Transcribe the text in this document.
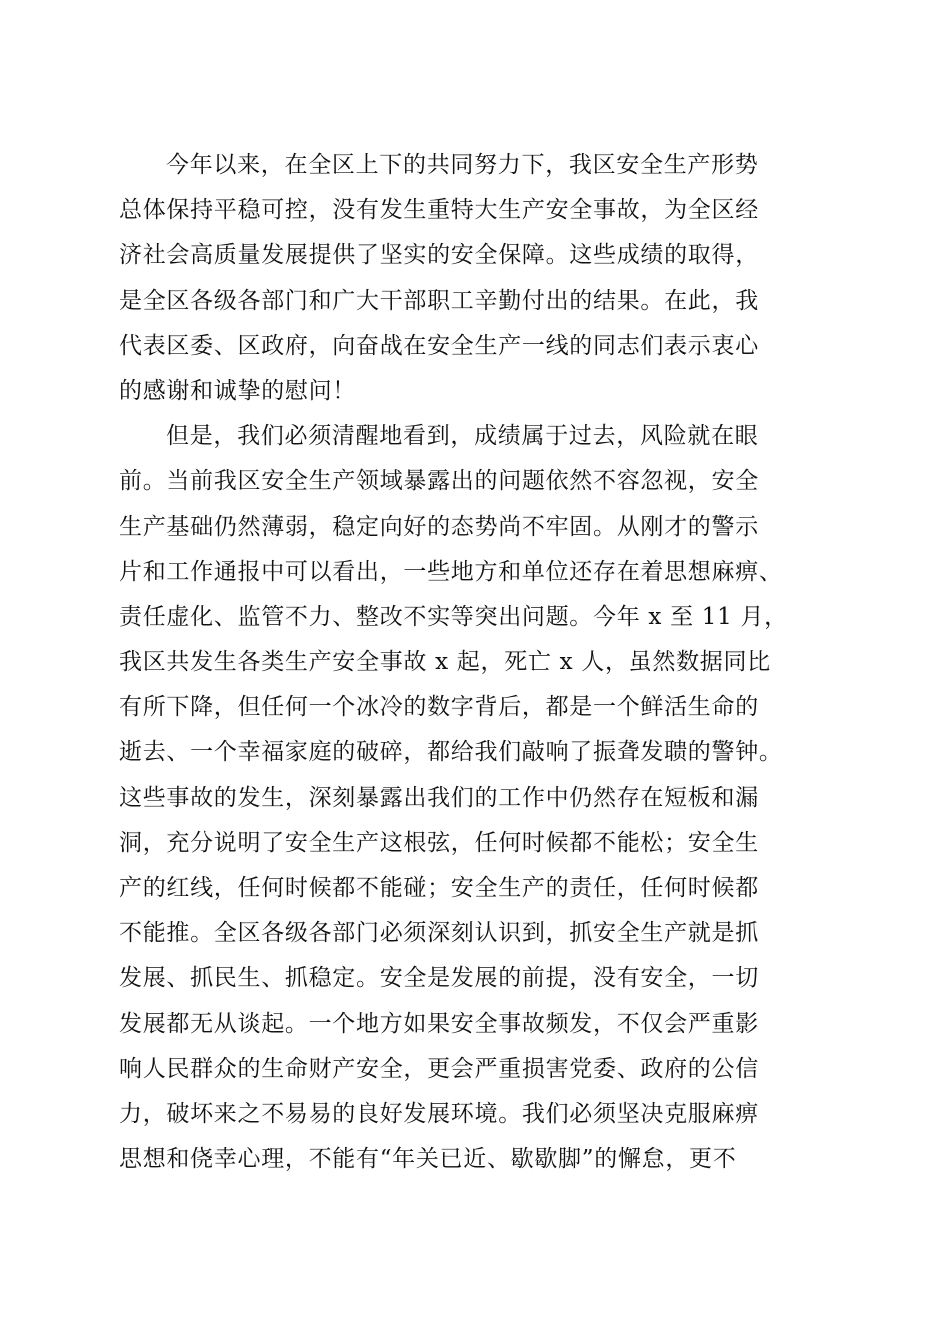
今年以来，在全区上下的共同努力下，我区安全生产形势
总体保持平稳可控，没有发生重特大生产安全事故，为全区经
济社会高质量发展提供了坚实的安全保障。这些成绩的取得，
是全区各级各部门和广大干部职工辛勤付出的结果。在此，我
代表区委、区政府，向奋战在安全生产一线的同志们表示衷心
的感谢和诚挚的慰问！
但是，我们必须清醒地看到，成绩属于过去，风险就在眼
前。当前我区安全生产领域暴露出的问题依然不容忽视，安全
生产基础仍然薄弱，稳定向好的态势尚不牢固。从刚才的警示
片和工作通报中可以看出，一些地方和单位还存在着思想麻痹、
责任虚化、监管不力、整改不实等突出问题。今年 x 至 11 月，
我区共发生各类生产安全事故 x 起，死亡 x 人，虽然数据同比
有所下降，但任何一个冰冷的数字背后，都是一个鲜活生命的
逝去、一个幸福家庭的破碎，都给我们敲响了振聋发聩的警钟。
这些事故的发生，深刻暴露出我们的工作中仍然存在短板和漏
洞，充分说明了安全生产这根弦，任何时候都不能松；安全生
产的红线，任何时候都不能碰；安全生产的责任，任何时候都
不能推。全区各级各部门必须深刻认识到，抓安全生产就是抓
发展、抓民生、抓稳定。安全是发展的前提，没有安全，一切
发展都无从谈起。一个地方如果安全事故频发，不仅会严重影
响人民群众的生命财产安全，更会严重损害党委、政府的公信
力，破坏来之不易易的良好发展环境。我们必须坚决克服麻痹
思想和侥幸心理，不能有“年关已近、歇歇脚”的懈怠，更不
